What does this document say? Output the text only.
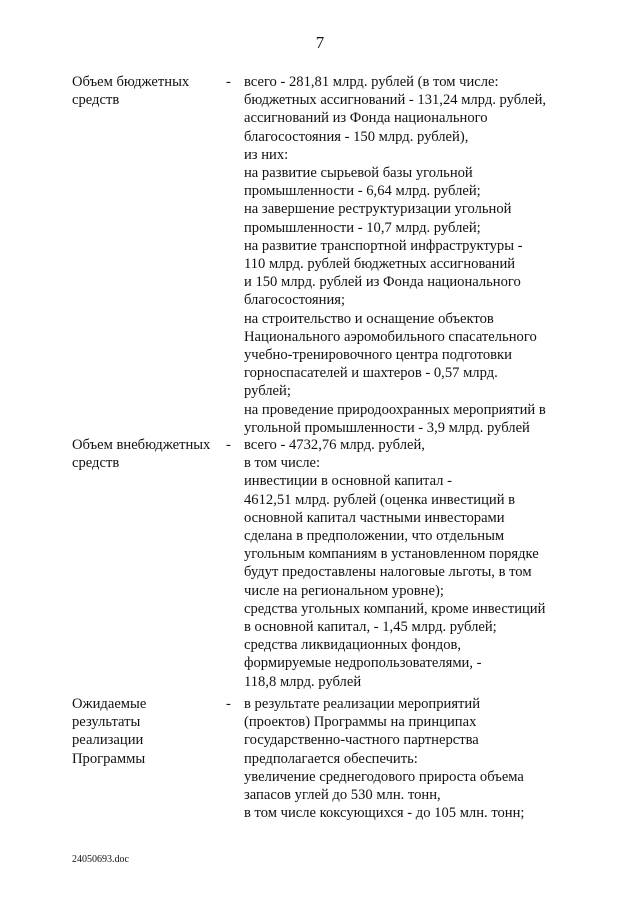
7
Объем бюджетных
средств
- всего - 281,81 млрд. рублей (в том числе:
бюджетных ассигнований - 131,24 млрд. рублей,
ассигнований из Фонда национального
благосостояния - 150 млрд. рублей),
из них:
на развитие сырьевой базы угольной
промышленности - 6,64 млрд. рублей;
на завершение реструктуризации угольной
промышленности - 10,7 млрд. рублей;
на развитие транспортной инфраструктуры -
110 млрд. рублей бюджетных ассигнований
и 150 млрд. рублей из Фонда национального
благосостояния;
на строительство и оснащение объектов
Национального аэромобильного спасательного
учебно-тренировочного центра подготовки
горноспасателей и шахтеров - 0,57 млрд.
рублей;
на проведение природоохранных мероприятий в
угольной промышленности - 3,9 млрд. рублей
Объем внебюджетных
средств
- всего - 4732,76 млрд. рублей,
в том числе:
инвестиции в основной капитал -
4612,51 млрд. рублей (оценка инвестиций в
основной капитал частными инвесторами
сделана в предположении, что отдельным
угольным компаниям в установленном порядке
будут предоставлены налоговые льготы, в том
числе на региональном уровне);
средства угольных компаний, кроме инвестиций
в основной капитал, - 1,45 млрд. рублей;
средства ликвидационных фондов,
формируемые недропользователями, -
118,8 млрд. рублей
Ожидаемые
результаты
реализации
Программы
- в результате реализации мероприятий
(проектов) Программы на принципах
государственно-частного партнерства
предполагается обеспечить:
увеличение среднегодового прироста объема
запасов углей до 530 млн. тонн,
в том числе коксующихся - до 105 млн. тонн;
24050693.doc
